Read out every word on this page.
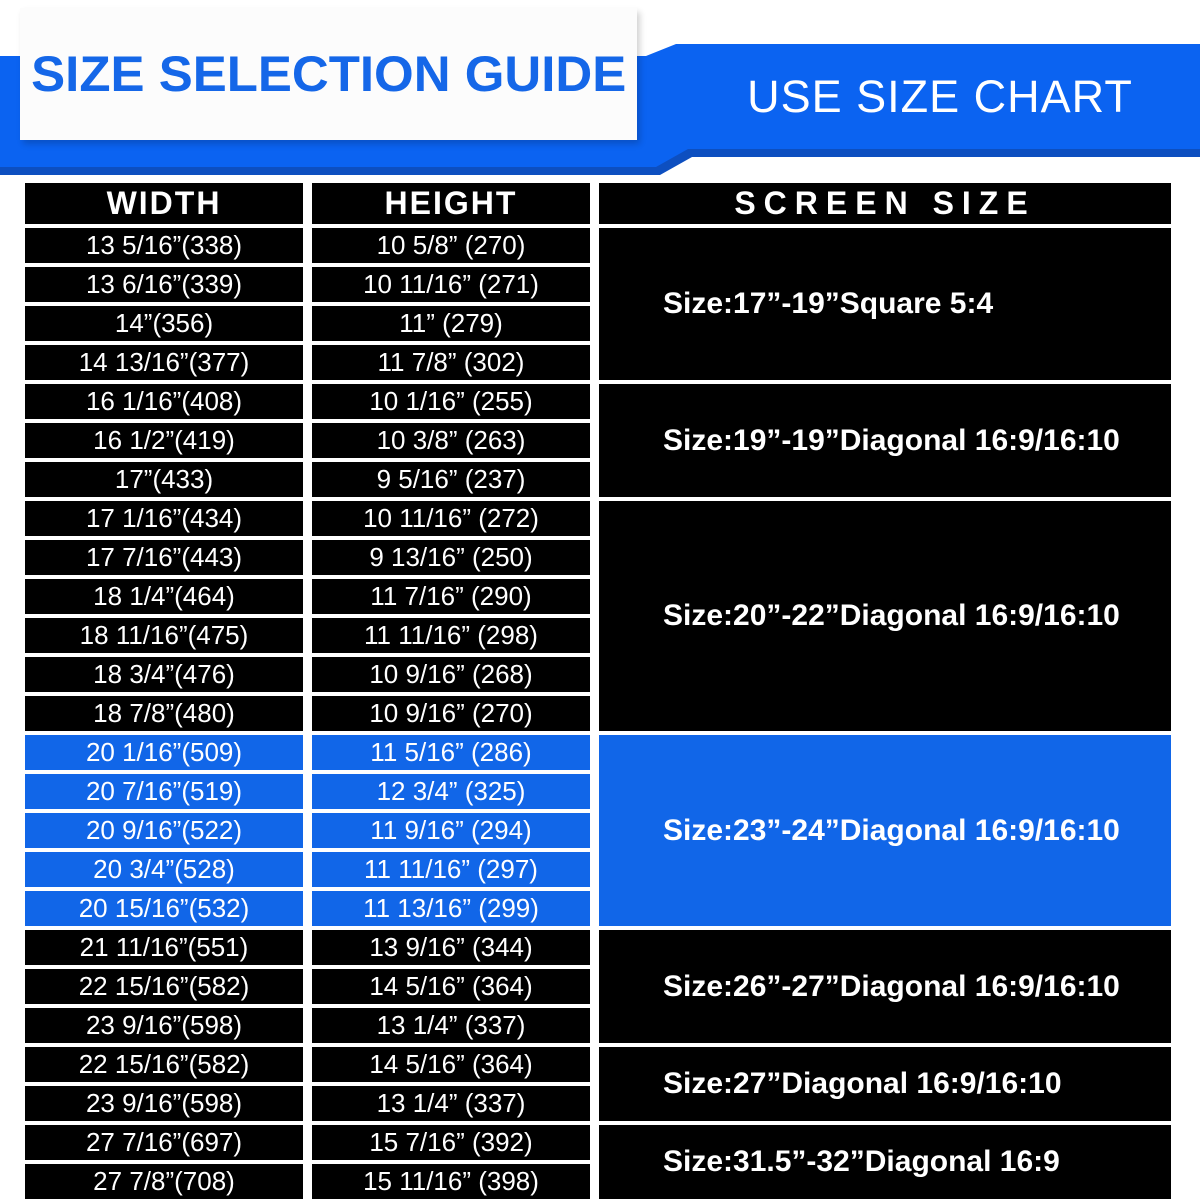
SIZE SELECTION GUIDE	USE SIZE CHART
WIDTH	HEIGHT	SCREEN SIZE
13 5/16”(338)	10 5/8” (270)	Size:17”-19”Square 5:4
13 6/16”(339)	10 11/16” (271)	
14”(356)	11” (279)	
14 13/16”(377)	11 7/8” (302)	
16 1/16”(408)	10 1/16” (255)	Size:19”-19”Diagonal 16:9/16:10
16 1/2”(419)	10 3/8” (263)	
17”(433)	9 5/16” (237)	
17 1/16”(434)	10 11/16” (272)	Size:20”-22”Diagonal 16:9/16:10
17 7/16”(443)	9 13/16” (250)	
18 1/4”(464)	11 7/16” (290)	
18 11/16”(475)	11 11/16” (298)	
18 3/4”(476)	10 9/16” (268)	
18 7/8”(480)	10 9/16” (270)	
20 1/16”(509)	11 5/16” (286)	Size:23”-24”Diagonal 16:9/16:10
20 7/16”(519)	12 3/4” (325)	
20 9/16”(522)	11 9/16” (294)	
20 3/4”(528)	11 11/16” (297)	
20 15/16”(532)	11 13/16” (299)	
21 11/16”(551)	13 9/16” (344)	Size:26”-27”Diagonal 16:9/16:10
22 15/16”(582)	14 5/16” (364)	
23 9/16”(598)	13 1/4” (337)	
22 15/16”(582)	14 5/16” (364)	Size:27”Diagonal 16:9/16:10
23 9/16”(598)	13 1/4” (337)	
27 7/16”(697)	15 7/16” (392)	Size:31.5”-32”Diagonal 16:9
27 7/8”(708)	15 11/16” (398)	
